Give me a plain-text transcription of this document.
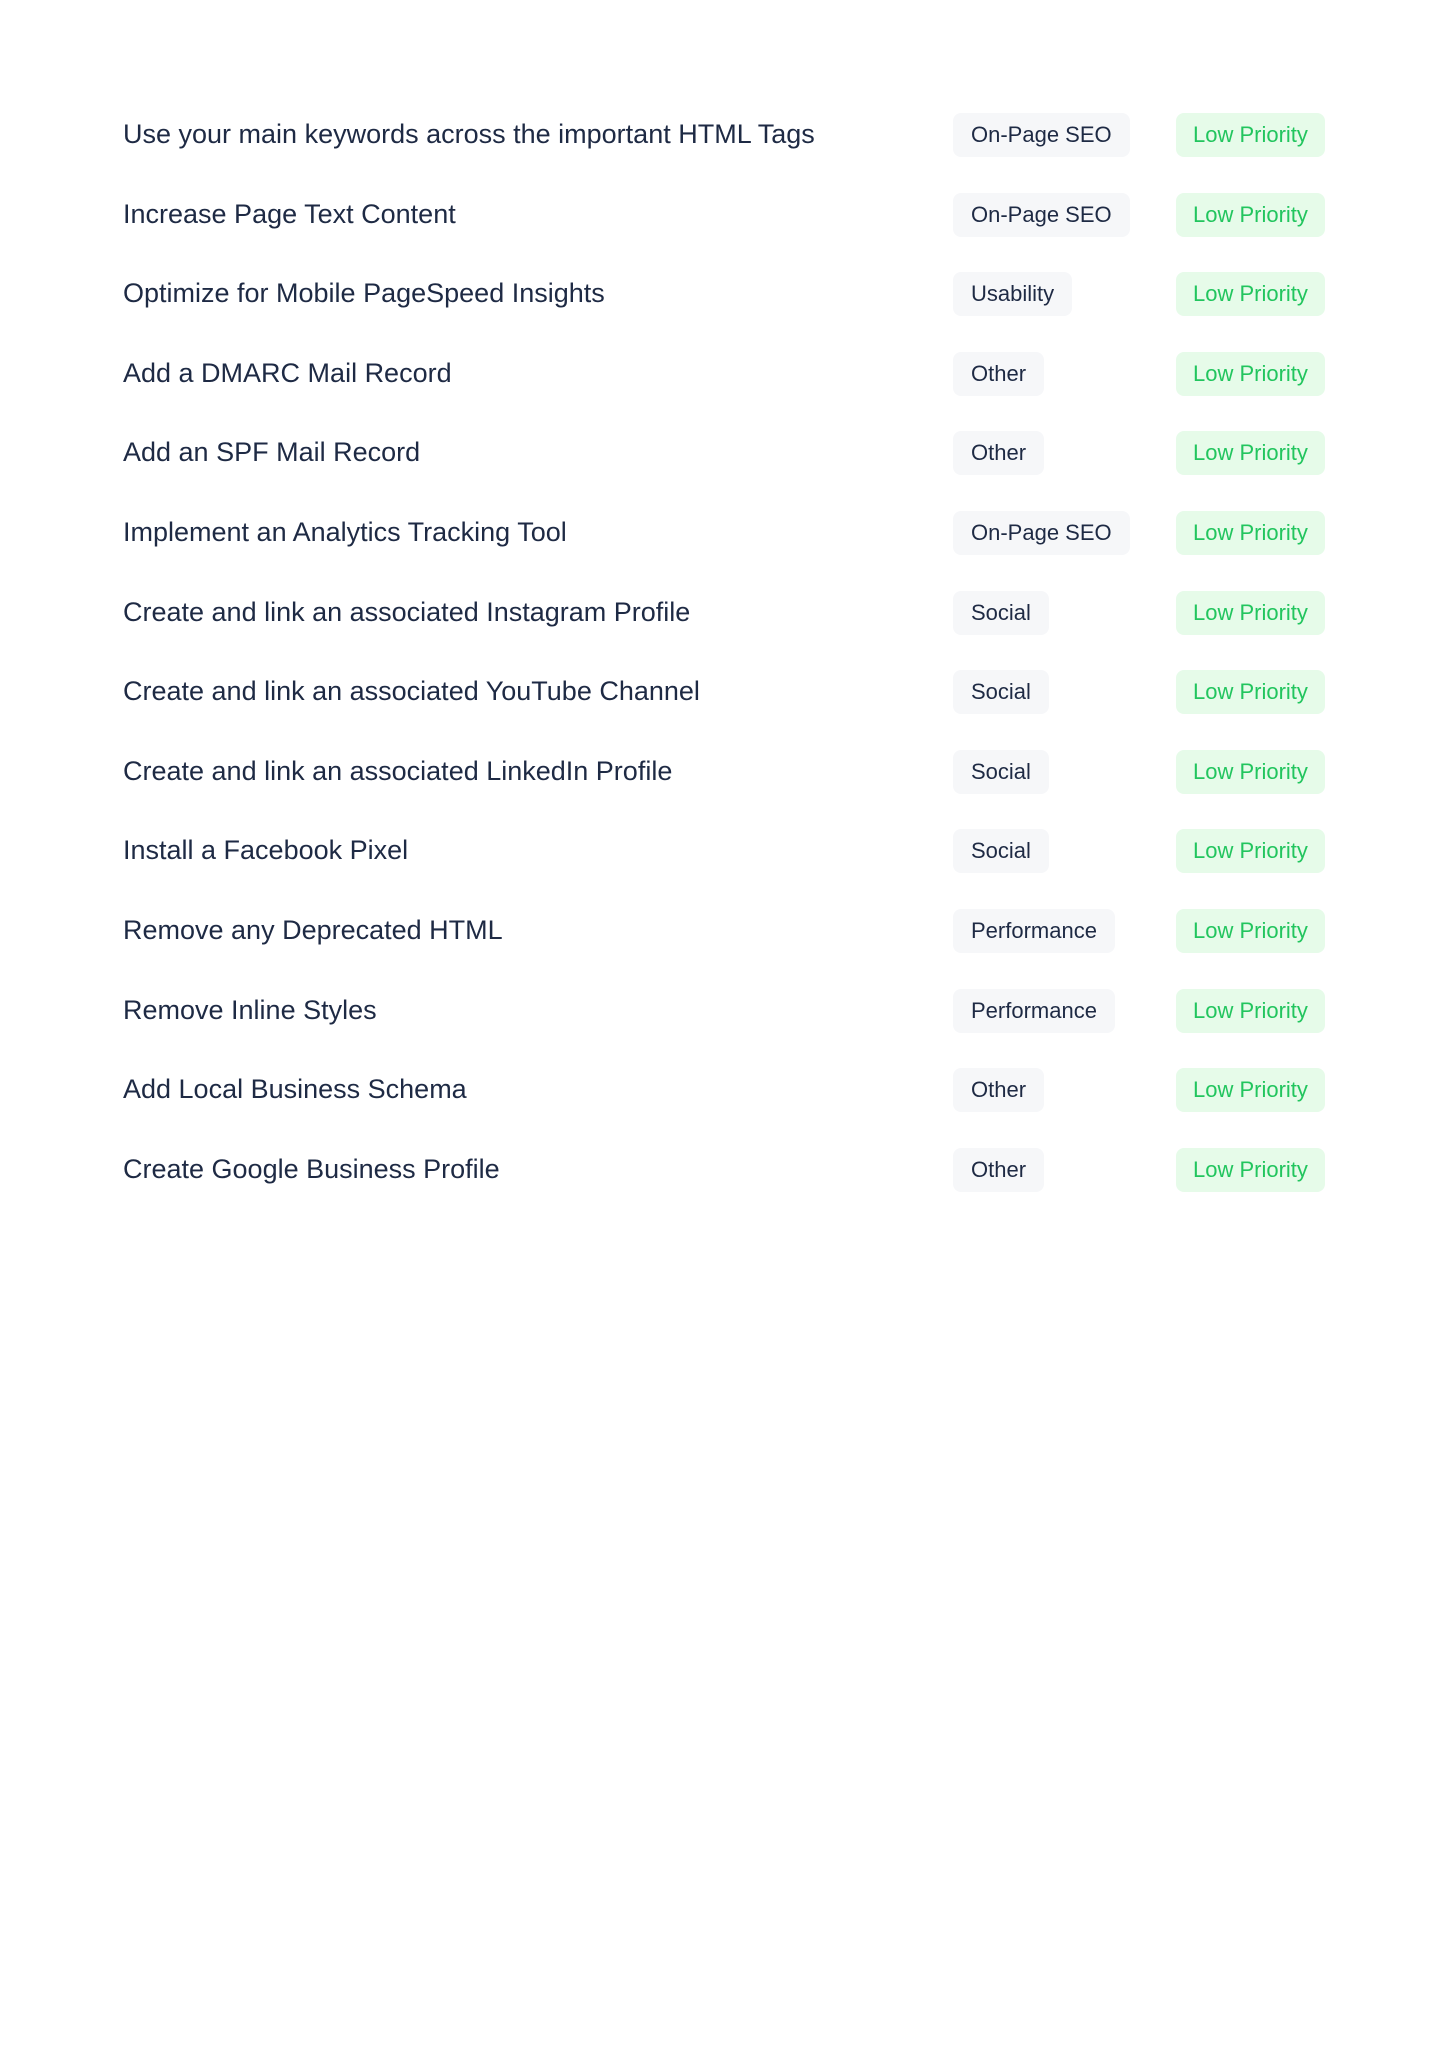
Use your main keywords across the important HTML Tags	On-Page SEO	Low Priority
Increase Page Text Content	On-Page SEO	Low Priority
Optimize for Mobile PageSpeed Insights	Usability	Low Priority
Add a DMARC Mail Record	Other	Low Priority
Add an SPF Mail Record	Other	Low Priority
Implement an Analytics Tracking Tool	On-Page SEO	Low Priority
Create and link an associated Instagram Profile	Social	Low Priority
Create and link an associated YouTube Channel	Social	Low Priority
Create and link an associated LinkedIn Profile	Social	Low Priority
Install a Facebook Pixel	Social	Low Priority
Remove any Deprecated HTML	Performance	Low Priority
Remove Inline Styles	Performance	Low Priority
Add Local Business Schema	Other	Low Priority
Create Google Business Profile	Other	Low Priority
